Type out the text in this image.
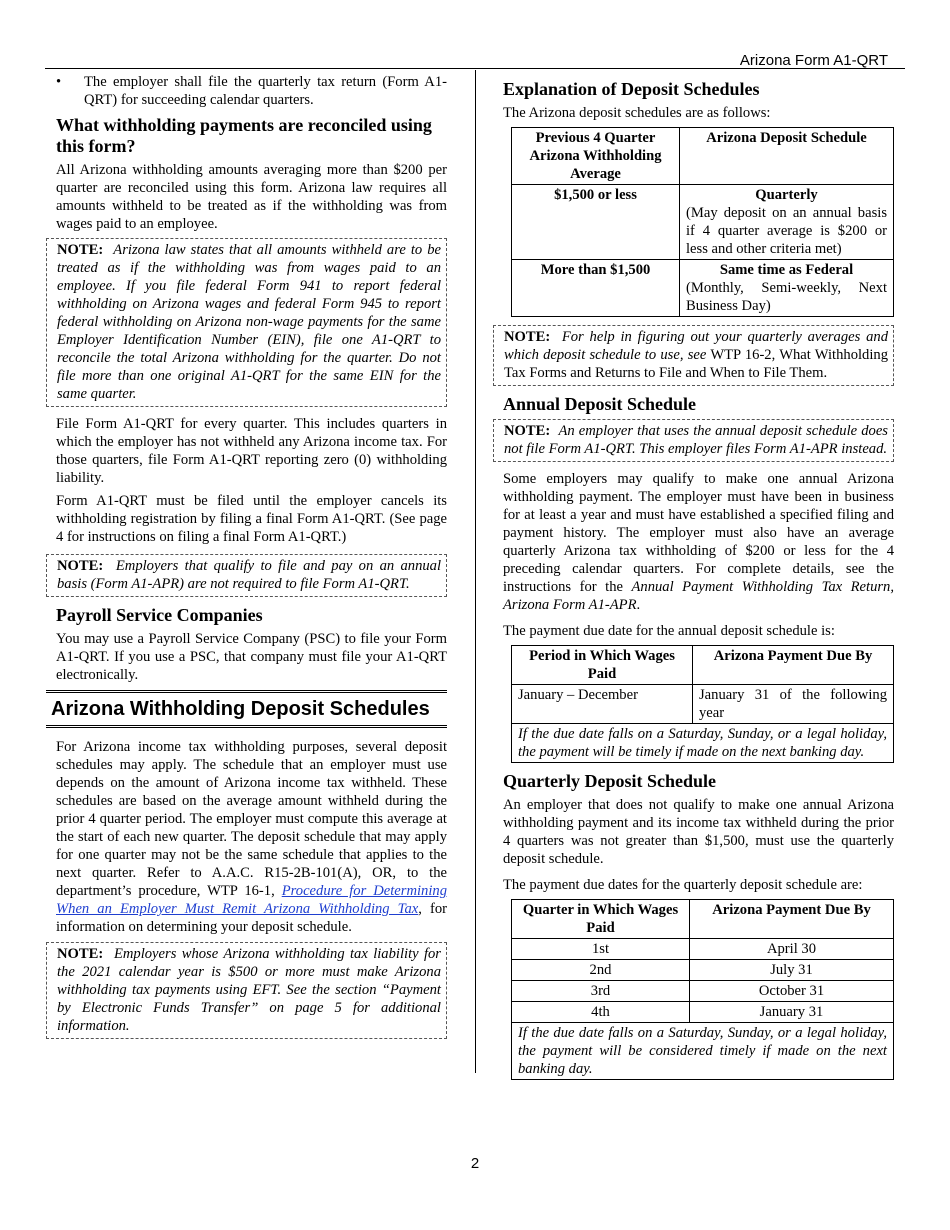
Arizona Form A1-QRT
• The employer shall file the quarterly tax return (Form A1-QRT) for succeeding calendar quarters.
What withholding payments are reconciled using this form?

All Arizona withholding amounts averaging more than $200 per quarter are reconciled using this form. Arizona law requires all amounts withheld to be treated as if the withholding was from wages paid to an employee.

NOTE: Arizona law states that all amounts withheld are to be treated as if the withholding was from wages paid to an employee. If you file federal Form 941 to report federal withholding on Arizona wages and federal Form 945 to report federal withholding on Arizona non-wage payments for the same Employer Identification Number (EIN), file one A1-QRT to reconcile the total Arizona withholding for the quarter. Do not file more than one original A1-QRT for the same EIN for the same quarter.

File Form A1-QRT for every quarter. This includes quarters in which the employer has not withheld any Arizona income tax. For those quarters, file Form A1-QRT reporting zero (0) withholding liability.

Form A1-QRT must be filed until the employer cancels its withholding registration by filing a final Form A1-QRT. (See page 4 for instructions on filing a final Form A1-QRT.)

NOTE: Employers that qualify to file and pay on an annual basis (Form A1-APR) are not required to file Form A1-QRT.
Payroll Service Companies

You may use a Payroll Service Company (PSC) to file your Form A1-QRT. If you use a PSC, that company must file your A1-QRT electronically.

Arizona Withholding Deposit Schedules

For Arizona income tax withholding purposes, several deposit schedules may apply. The schedule that an employer must use depends on the amount of Arizona income tax withheld. These schedules are based on the average amount withheld during the prior 4 quarter period. The employer must compute this average at the start of each new quarter. The deposit schedule that may apply for one quarter may not be the same schedule that applies to the next quarter. Refer to A.A.C. R15-2B-101(A), OR, to the department’s procedure, WTP 16-1, Procedure for Determining When an Employer Must Remit Arizona Withholding Tax, for information on determining your deposit schedule.

NOTE: Employers whose Arizona withholding tax liability for the 2021 calendar year is $500 or more must make Arizona withholding tax payments using EFT. See the section “Payment by Electronic Funds Transfer” on page 5 for additional information.
Explanation of Deposit Schedules

The Arizona deposit schedules are as follows:

Previous 4 Quarter Arizona Withholding Average	Arizona Deposit Schedule
$1,500 or less	Quarterly
(May deposit on an annual basis if 4 quarter average is $200 or less and other criteria met)

More than $1,500	Same time as Federal
(Monthly, Semi-weekly, Next Business Day)
NOTE: For help in figuring out your quarterly averages and which deposit schedule to use, see WTP 16-2, What Withholding Tax Forms and Returns to File and When to File Them.
Annual Deposit Schedule
NOTE: An employer that uses the annual deposit schedule does not file Form A1-QRT. This employer files Form A1-APR instead.

Some employers may qualify to make one annual Arizona withholding payment. The employer must have been in business for at least a year and must have established a specified filing and payment history. The employer must also have an average quarterly Arizona tax withholding of $200 or less for the 4 preceding calendar quarters. For complete details, see the instructions for the Annual Payment Withholding Tax Return, Arizona Form A1-APR.

The payment due date for the annual deposit schedule is:

Period in Which Wages Paid	Arizona Payment Due By
January – December	January 31 of the following year
If the due date falls on a Saturday, Sunday, or a legal holiday, the payment will be timely if made on the next banking day.	
Quarterly Deposit Schedule

An employer that does not qualify to make one annual Arizona withholding payment and its income tax withheld during the prior 4 quarters was not greater than $1,500, must use the quarterly deposit schedule.

The payment due dates for the quarterly deposit schedule are:

Quarter in Which Wages Paid	Arizona Payment Due By
1st	April 30
2nd	July 31
3rd	October 31
4th	January 31
If the due date falls on a Saturday, Sunday, or a legal holiday, the payment will be considered timely if made on the next banking day.	
2
